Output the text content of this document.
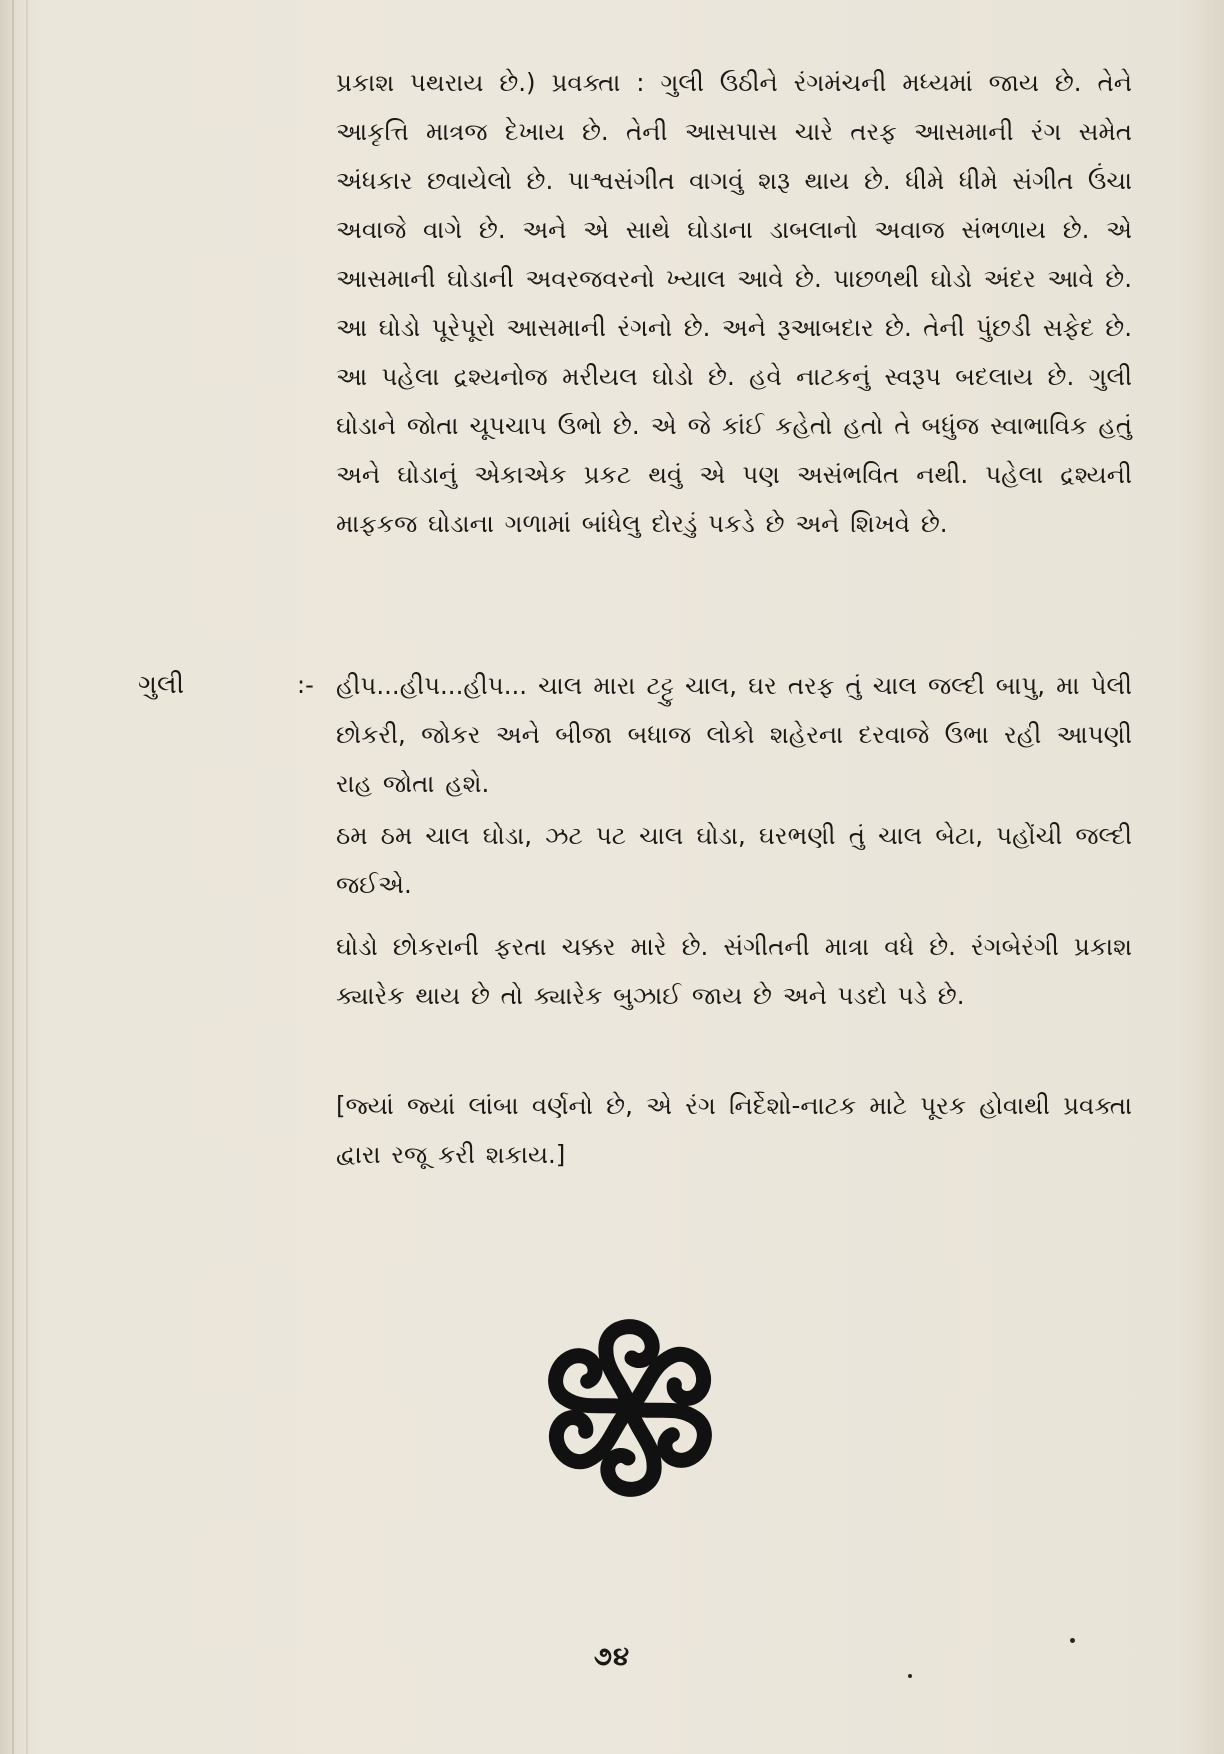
પ્રકાશ પથરાય છે.) પ્રવક્તા : ગુલી ઉઠીને રંગમંચની મધ્યમાં જાય છે. તેને આકૃત્તિ માત્રજ દેખાય છે. તેની આસપાસ ચારે તરફ આસમાની રંગ સમેત અંધકાર છવાયેલો છે. પાશ્વસંગીત વાગવું શરૂ થાય છે. ધીમે ધીમે સંગીત ઉંચા અવાજે વાગે છે. અને એ સાથે ઘોડાના ડાબલાનો અવાજ સંભળાય છે. એ આસમાની ઘોડાની અવરજવરનો ખ્યાલ આવે છે. પાછળથી ઘોડો અંદર આવે છે. આ ઘોડો પૂરેપૂરો આસમાની રંગનો છે. અને રૂઆબદાર છે. તેની પુંછડી સફેદ છે. આ પહેલા દ્રશ્યનોજ મરીયલ ઘોડો છે. હવે નાટકનું સ્વરૂપ બદલાય છે. ગુલી ઘોડાને જોતા ચૂપચાપ ઉભો છે. એ જે કાંઈ કહેતો હતો તે બધુંજ સ્વાભાવિક હતું અને ઘોડાનું એકાએક પ્રકટ થવું એ પણ અસંભવિત નથી. પહેલા દ્રશ્યની માફકજ ઘોડાના ગળામાં બાંધેલુ દોરડું પકડે છે અને શિખવે છે.
ગુલી	:- હીપ...હીપ...હીપ... ચાલ મારા ટટ્ટુ ચાલ, ઘર તરફ તું ચાલ જલ્દી બાપુ, મા પેલી છોકરી, જોકર અને બીજા બધાજ લોકો શહેરના દરવાજે ઉભા રહી આપણી રાહ જોતા હશે.
ઠમ ઠમ ચાલ ઘોડા, ઝટ પટ ચાલ ઘોડા, ઘરભણી તું ચાલ બેટા, પહોંચી જલ્દી જઈએ.
ઘોડો છોકરાની ફરતા ચક્કર મારે છે. સંગીતની માત્રા વધે છે. રંગબેરંગી પ્રકાશ ક્યારેક થાય છે તો ક્યારેક બુઝાઈ જાય છે અને પડદો પડે છે.
[જ્યાં જ્યાં લાંબા વર્ણનો છે, એ રંગ નિર્દેશો-નાટક માટે પૂરક હોવાથી પ્રવક્તા દ્વારા રજૂ કરી શકાય.]
૭૪
